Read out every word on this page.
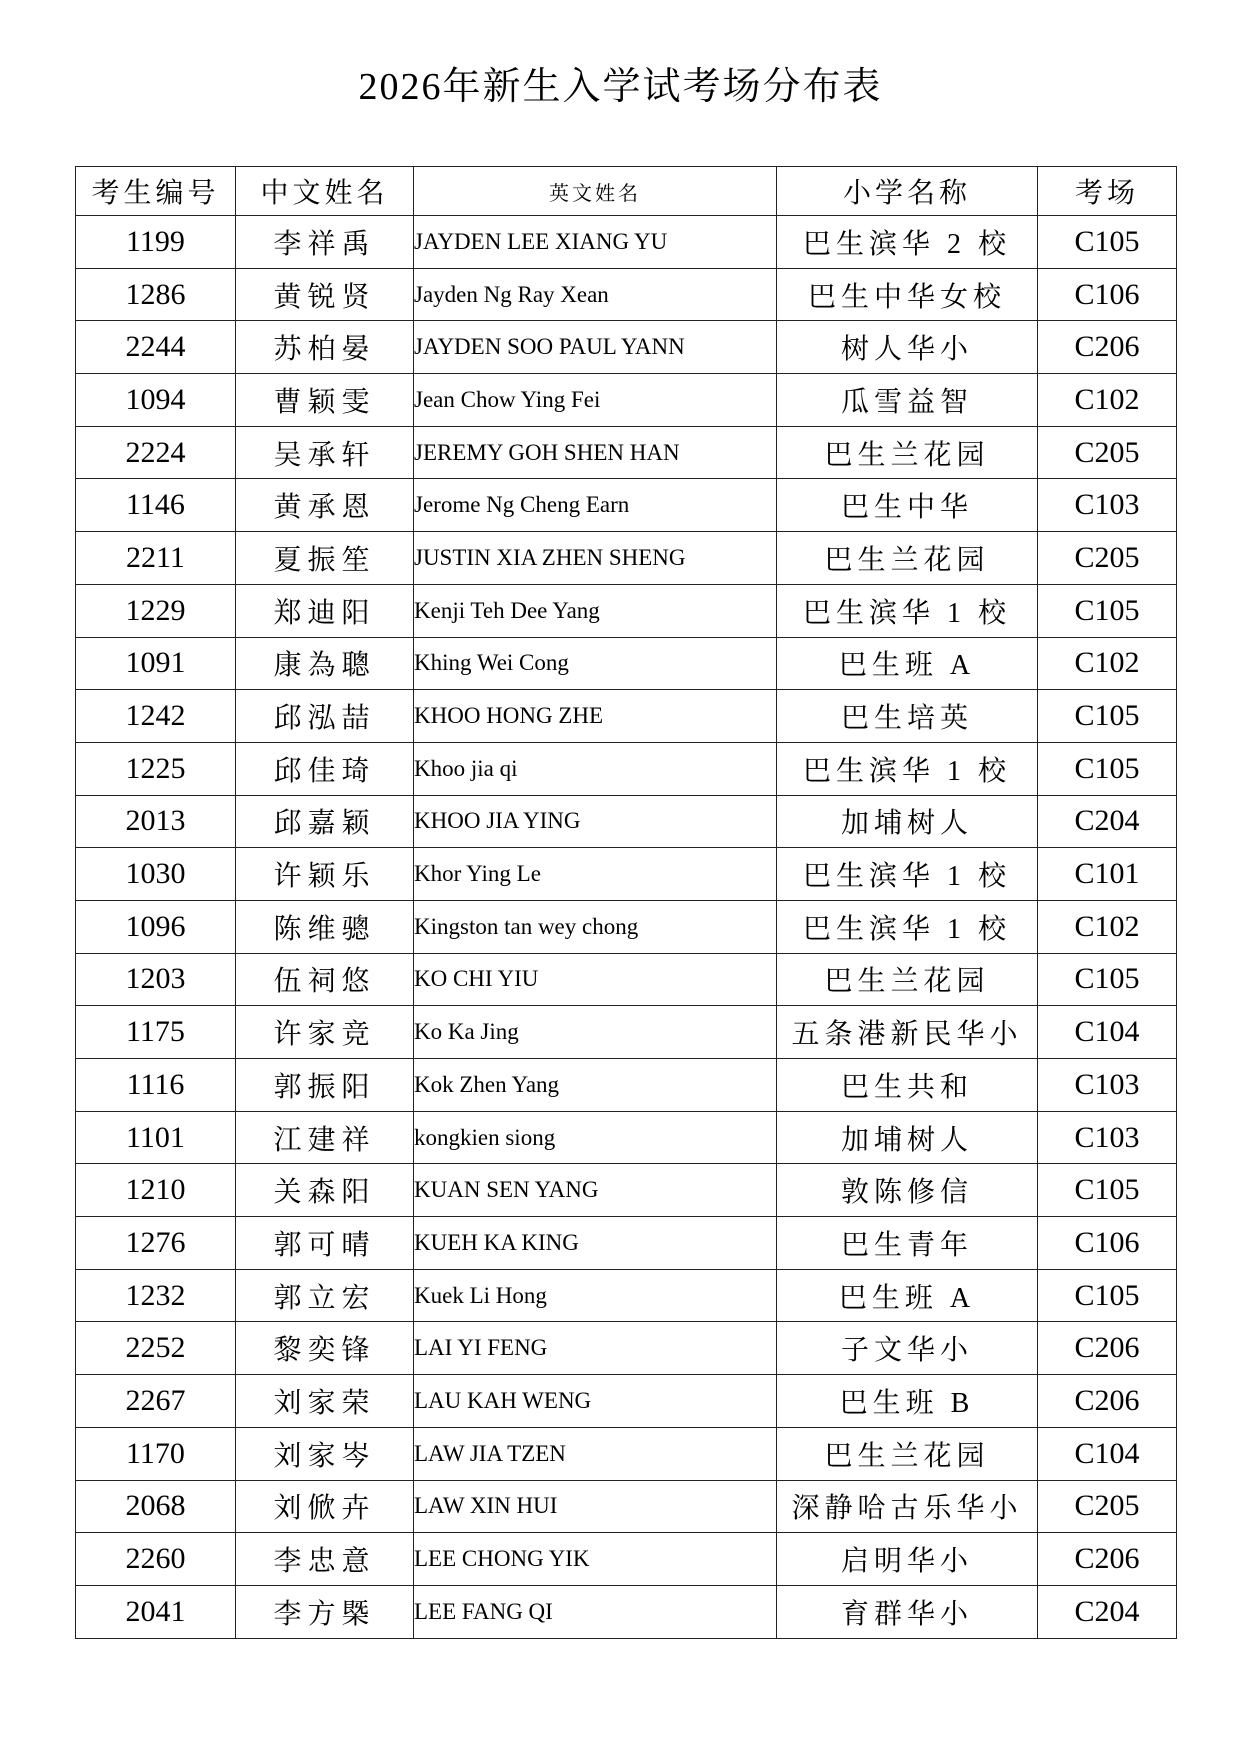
2026年新生入学试考场分布表
考生编号	中文姓名	英文姓名	小学名称	考场
1199	李祥禹	JAYDEN LEE XIANG YU	巴生滨华 2 校	C105
1286	黄锐贤	Jayden Ng Ray Xean	巴生中华女校	C106
2244	苏柏晏	JAYDEN SOO PAUL YANN	树人华小	C206
1094	曹颖雯	Jean Chow Ying Fei	瓜雪益智	C102
2224	吴承轩	JEREMY GOH SHEN HAN	巴生兰花园	C205
1146	黄承恩	Jerome Ng Cheng Earn	巴生中华	C103
2211	夏振笙	JUSTIN XIA ZHEN SHENG	巴生兰花园	C205
1229	郑迪阳	Kenji Teh Dee Yang	巴生滨华 1 校	C105
1091	康為聰	Khing Wei Cong	巴生班 A	C102
1242	邱泓喆	KHOO HONG ZHE	巴生培英	C105
1225	邱佳琦	Khoo jia qi	巴生滨华 1 校	C105
2013	邱嘉颖	KHOO JIA YING	加埔树人	C204
1030	许颖乐	Khor Ying Le	巴生滨华 1 校	C101
1096	陈维骢	Kingston tan wey chong	巴生滨华 1 校	C102
1203	伍祠悠	KO CHI YIU	巴生兰花园	C105
1175	许家竞	Ko Ka Jing	五条港新民华小	C104
1116	郭振阳	Kok Zhen Yang	巴生共和	C103
1101	江建祥	kongkien siong	加埔树人	C103
1210	关森阳	KUAN SEN YANG	敦陈修信	C105
1276	郭可晴	KUEH KA KING	巴生青年	C106
1232	郭立宏	Kuek Li Hong	巴生班 A	C105
2252	黎奕锋	LAI YI FENG	子文华小	C206
2267	刘家荣	LAU KAH WENG	巴生班 B	C206
1170	刘家岑	LAW JIA TZEN	巴生兰花园	C104
2068	刘俽卉	LAW XIN HUI	深静哈古乐华小	C205
2260	李忠意	LEE CHONG YIK	启明华小	C206
2041	李方槩	LEE FANG QI	育群华小	C204
